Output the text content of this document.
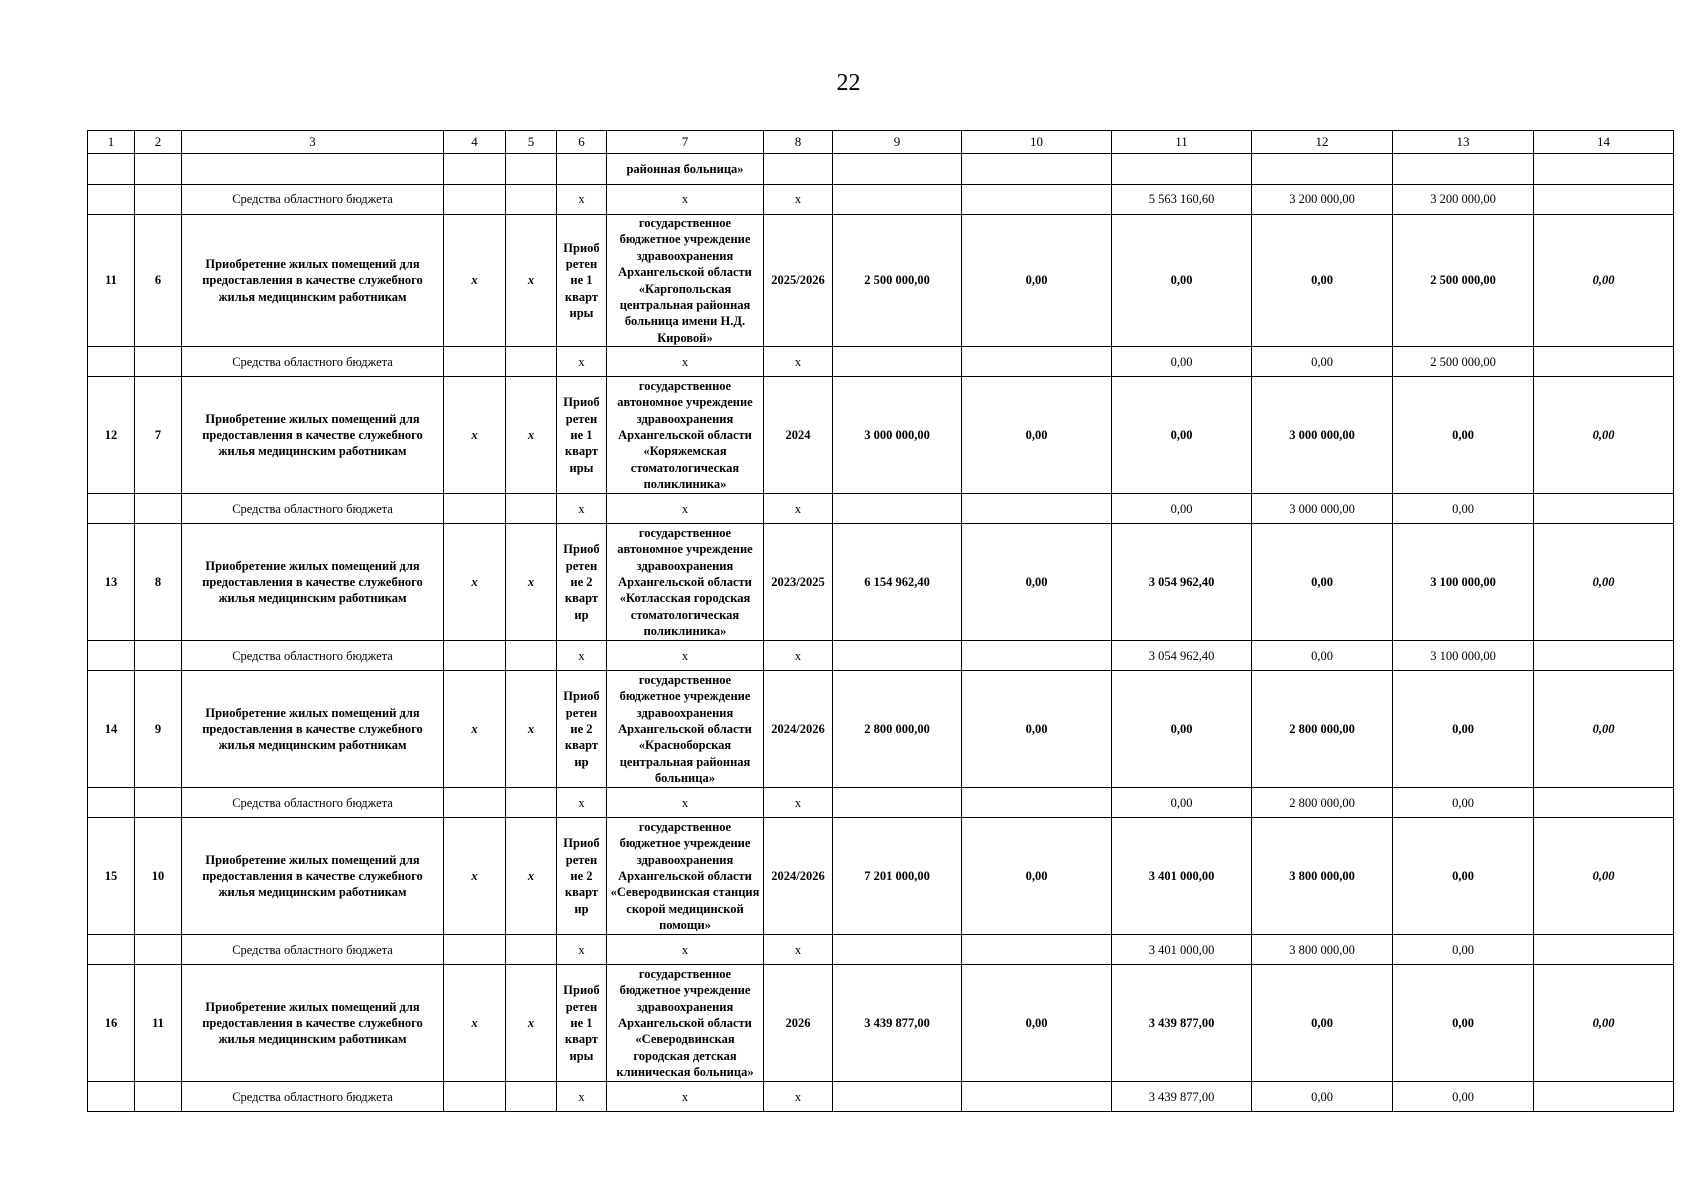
22
1	2	3	4	5	6	7	8	9	10	11	12	13	14
						районная больница»							
		Средства областного бюджета			х	х	х			5 563 160,60	3 200 000,00	3 200 000,00	
11	6	Приобретение жилых помещений для предоставления в качестве служебного жилья медицинским работникам	х	х	Приоб ретен ие 1 кварт иры	государственное бюджетное учреждение здравоохранения Архангельской области «Каргопольская центральная районная больница имени Н.Д. Кировой»	2025/2026	2 500 000,00	0,00	0,00	0,00	2 500 000,00	0,00
		Средства областного бюджета			х	х	х			0,00	0,00	2 500 000,00	
12	7	Приобретение жилых помещений для предоставления в качестве служебного жилья медицинским работникам	х	х	Приоб ретен ие 1 кварт иры	государственное автономное учреждение здравоохранения Архангельской области «Коряжемская стоматологическая поликлиника»	2024	3 000 000,00	0,00	0,00	3 000 000,00	0,00	0,00
		Средства областного бюджета			х	х	х			0,00	3 000 000,00	0,00	
13	8	Приобретение жилых помещений для предоставления в качестве служебного жилья медицинским работникам	х	х	Приоб ретен ие 2 кварт ир	государственное автономное учреждение здравоохранения Архангельской области «Котласская городская стоматологическая поликлиника»	2023/2025	6 154 962,40	0,00	3 054 962,40	0,00	3 100 000,00	0,00
		Средства областного бюджета			х	х	х			3 054 962,40	0,00	3 100 000,00	
14	9	Приобретение жилых помещений для предоставления в качестве служебного жилья медицинским работникам	х	х	Приоб ретен ие 2 кварт ир	государственное бюджетное учреждение здравоохранения Архангельской области «Красноборская центральная районная больница»	2024/2026	2 800 000,00	0,00	0,00	2 800 000,00	0,00	0,00
		Средства областного бюджета			х	х	х			0,00	2 800 000,00	0,00	
15	10	Приобретение жилых помещений для предоставления в качестве служебного жилья медицинским работникам	х	х	Приоб ретен ие 2 кварт ир	государственное бюджетное учреждение здравоохранения Архангельской области «Северодвинская станция скорой медицинской помощи»	2024/2026	7 201 000,00	0,00	3 401 000,00	3 800 000,00	0,00	0,00
		Средства областного бюджета			х	х	х			3 401 000,00	3 800 000,00	0,00	
16	11	Приобретение жилых помещений для предоставления в качестве служебного жилья медицинским работникам	х	х	Приоб ретен ие 1 кварт иры	государственное бюджетное учреждение здравоохранения Архангельской области «Северодвинская городская детская клиническая больница»	2026	3 439 877,00	0,00	3 439 877,00	0,00	0,00	0,00
		Средства областного бюджета			х	х	х			3 439 877,00	0,00	0,00	
